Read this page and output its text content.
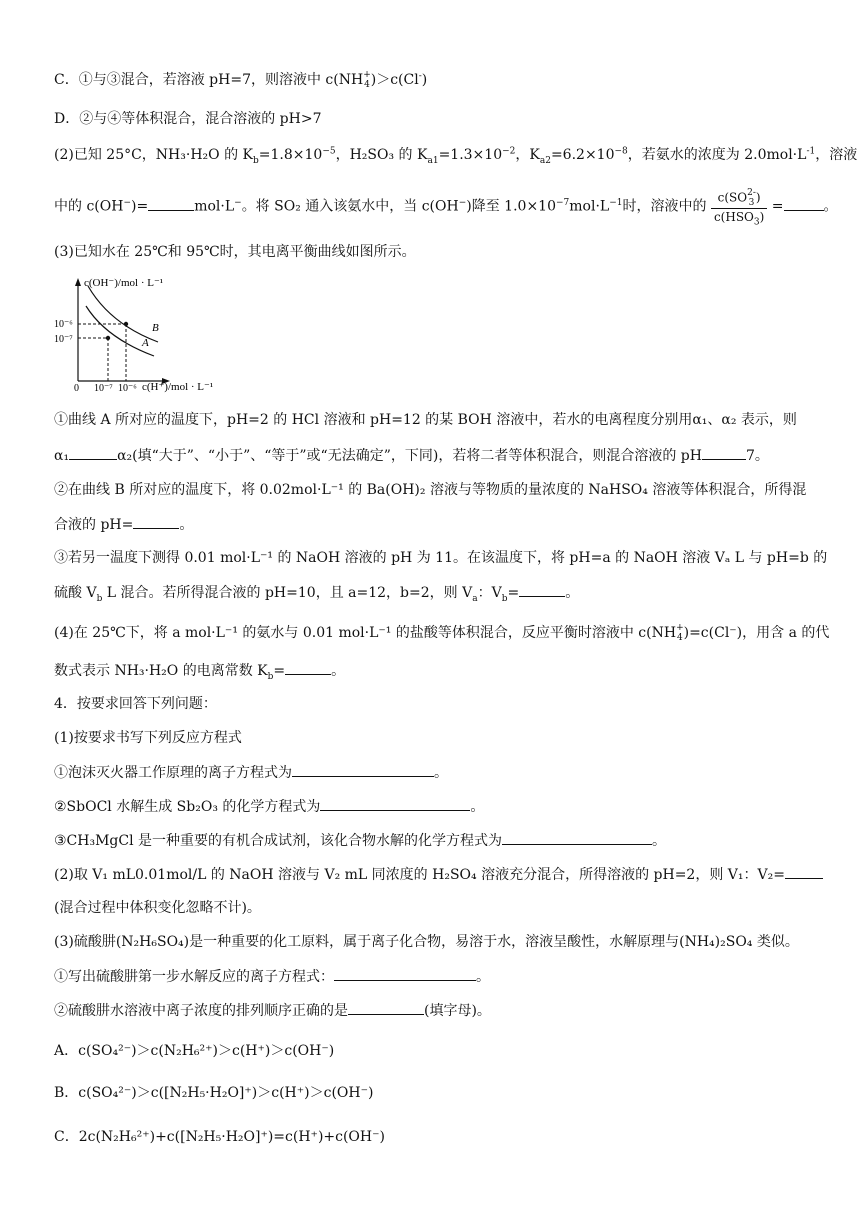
C．①与③混合，若溶液 pH=7，则溶液中 c(NH+
4)＞c(Cl-)
D．②与④等体积混合，混合溶液的 pH>7
(2)已知 25°C，NH₃·H₂O 的 $K_b=1.8\times 10^{-5}$，H₂SO₃ 的 $K_{a1}=1.3\times 10^{-2}$，$K_{a2}=6.2\times 10^{-8}$，若氨水的浓度为 $2.0mol\cdot L^{-1}$，溶液
中的 c(OH−)=	mol·L−。将 SO₂ 通入该氨水中，当 c(OH−)降至 $1.0\times 10^{-7}mol\cdot L^{-1}$时，溶液中的
c(SO2-
3 )
$c(HSO_3)$
=	。
(3)已知水在 25℃和 95℃时，其电离平衡曲线如图所示。
c(OH⁻)/mol · L⁻¹
c(H⁺)/mol · L⁻¹
10⁻⁶
10⁻⁷
0 10⁻⁷ 10⁻⁶
B
A
①曲线 A 所对应的温度下，pH=2 的 HCl 溶液和 pH=12 的某 BOH 溶液中，若水的电离程度分别用α₁、α₂ 表示，则
α₁	α₂(填“大于”、“小于”、“等于”或“无法确定”，下同)，若将二者等体积混合，则混合溶液的 pH	7。
②在曲线 B 所对应的温度下，将 0.02mol·L⁻¹ 的 Ba(OH)₂ 溶液与等物质的量浓度的 NaHSO₄ 溶液等体积混合，所得混
合液的 pH=	。
③若另一温度下测得 0.01 mol·L⁻¹ 的 NaOH 溶液的 pH 为 11。在该温度下，将 pH=a 的 NaOH 溶液 Vₐ L 与 pH=b 的
硫酸 $V_b$ L 混合。若所得混合液的 pH=10，且 a=12，b=2，则 $V_a$：$V_b=$	。
(4)在 25℃下，将 a mol·L⁻¹ 的氨水与 0.01 mol·L⁻¹ 的盐酸等体积混合，反应平衡时溶液中 c(NH+
4)=c(Cl⁻)，用含 a 的代
数式表示 NH₃·H₂O 的电离常数 $K_b=$	。
4．按要求回答下列问题：
(1)按要求书写下列反应方程式
①泡沫灭火器工作原理的离子方程式为	。
②SbOCl 水解生成 Sb₂O₃ 的化学方程式为	。
③CH₃MgCl 是一种重要的有机合成试剂，该化合物水解的化学方程式为	。
(2)取 V₁ mL0.01mol/L 的 NaOH 溶液与 V₂ mL 同浓度的 H₂SO₄ 溶液充分混合，所得溶液的 pH=2，则 V₁：V₂=
(混合过程中体积变化忽略不计)。
(3)硫酸肼(N₂H₆SO₄)是一种重要的化工原料，属于离子化合物，易溶于水，溶液呈酸性，水解原理与(NH₄)₂SO₄ 类似。
①写出硫酸肼第一步水解反应的离子方程式：	。
②硫酸肼水溶液中离子浓度的排列顺序正确的是	(填字母)。
A．c(SO₄²⁻)＞c(N₂H₆²⁺)＞c(H⁺)＞c(OH⁻)
B．c(SO₄²⁻)＞c([N₂H₅·H₂O]⁺)＞c(H⁺)＞c(OH⁻)
C．2c(N₂H₆²⁺)+c([N₂H₅·H₂O]⁺)=c(H⁺)+c(OH⁻)
